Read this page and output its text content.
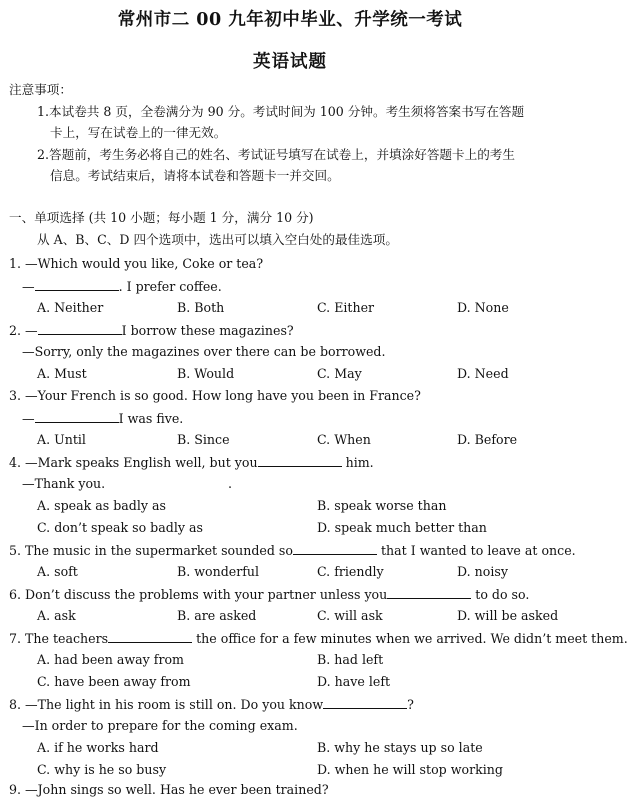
常州市二 00 九年初中毕业、升学统一考试
英语试题
注意事项：
1.本试卷共 8 页，全卷满分为 90 分。考试时间为 100 分钟。考生须将答案书写在答题
卡上，写在试卷上的一律无效。
2.答题前，考生务必将自己的姓名、考试证号填写在试卷上，并填涂好答题卡上的考生
信息。考试结束后，请将本试卷和答题卡一并交回。
一、单项选择 (共 10 小题；每小题 1 分，满分 10 分)
从 A、B、C、D 四个选项中，选出可以填入空白处的最佳选项。
1. —Which would you like, Coke or tea?
—	. I prefer coffee.
A. Neither	B. Both	C. Either	D. None
2. —	I borrow these magazines?
—Sorry, only the magazines over there can be borrowed.
A. Must	B. Would	C. May	D. Need
3. —Your French is so good. How long have you been in France?
—	I was five.
A. Until	B. Since	C. When	D. Before
4. —Mark speaks English well, but you	him.
—Thank you.	.
A. speak as badly as	B. speak worse than
C. don’t speak so badly as	D. speak much better than
5. The music in the supermarket sounded so	that I wanted to leave at once.
A. soft	B. wonderful	C. friendly	D. noisy
6. Don’t discuss the problems with your partner unless you	to do so.
A. ask	B. are asked	C. will ask	D. will be asked
7. The teachers	the office for a few minutes when we arrived. We didn’t meet them.
A. had been away from	B. had left
C. have been away from	D. have left
8. —The light in his room is still on. Do you know	?
—In order to prepare for the coming exam.
A. if he works hard	B. why he stays up so late
C. why is he so busy	D. when he will stop working
9. —John sings so well. Has he ever been trained?
